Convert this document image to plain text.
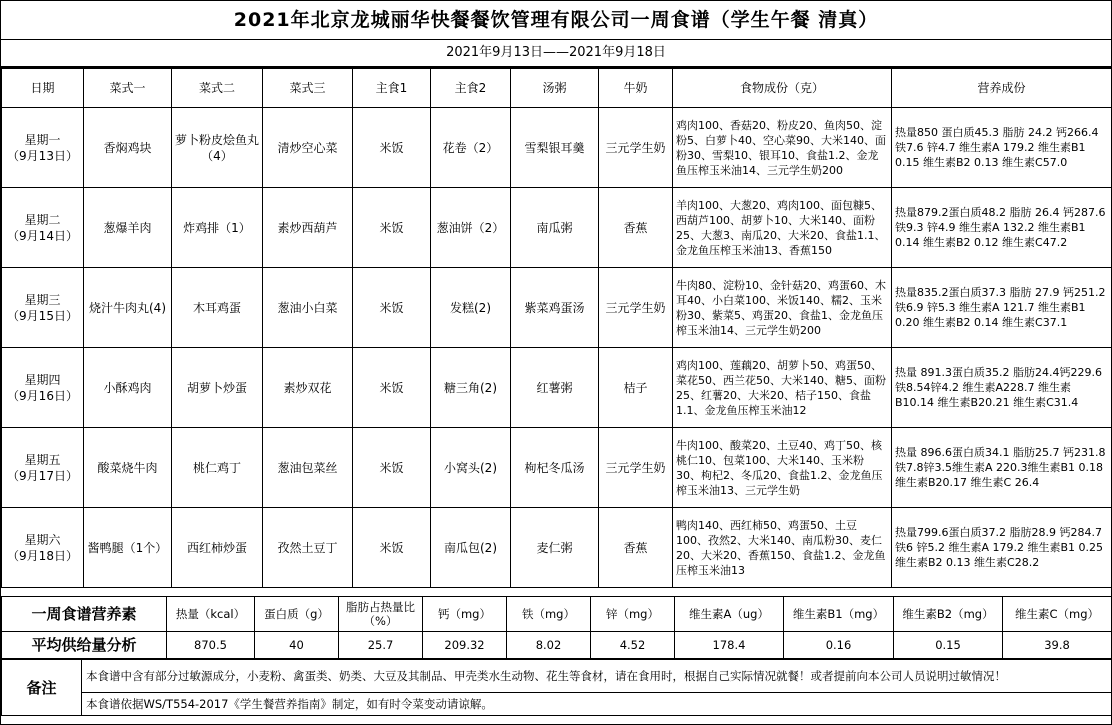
2021年北京龙城丽华快餐餐饮管理有限公司一周食谱（学生午餐 清真）
2021年9月13日——2021年9月18日
日期	菜式一	菜式二	菜式三	主食1	主食2	汤粥	牛奶	食物成份（克）	营养成份
星期一
（9月13日）	香焖鸡块	萝卜粉皮烩鱼丸（4）	清炒空心菜	米饭	花卷（2）	雪梨银耳羹	三元学生奶	鸡肉100、香菇20、粉皮20、鱼肉50、淀粉5、白萝卜40、空心菜90、大米140、面粉30、雪梨10、银耳10、食盐1.2、金龙鱼压榨玉米油14、三元学生奶200	热量850 蛋白质45.3 脂肪 24.2 钙266.4 铁7.6 锌4.7 维生素A 179.2 维生素B1 0.15 维生素B2 0.13 维生素C57.0
星期二
（9月14日）	葱爆羊肉	炸鸡排（1）	素炒西葫芦	米饭	葱油饼（2）	南瓜粥	香蕉	羊肉100、大葱20、鸡肉100、面包糠5、西葫芦100、胡萝卜10、大米140、面粉25、大葱3、南瓜20、大米20、食盐1.1、金龙鱼压榨玉米油13、香蕉150	热量879.2蛋白质48.2 脂肪 26.4 钙287.6 铁9.3 锌4.9 维生素A 132.2 维生素B1 0.14 维生素B2 0.12 维生素C47.2
星期三
（9月15日）	烧汁牛肉丸(4)	木耳鸡蛋	葱油小白菜	米饭	发糕(2)	紫菜鸡蛋汤	三元学生奶	牛肉80、淀粉10、金针菇20、鸡蛋60、木耳40、小白菜100、米饭140、糯2、玉米粉30、紫菜5、鸡蛋20、食盐1、金龙鱼压榨玉米油14、三元学生奶200	热量835.2蛋白质37.3 脂肪 27.9 钙251.2 铁6.9 锌5.3 维生素A 121.7 维生素B1 0.20 维生素B2 0.14 维生素C37.1
星期四
（9月16日）	小酥鸡肉	胡萝卜炒蛋	素炒双花	米饭	糖三角(2)	红薯粥	桔子	鸡肉100、莲藕20、胡萝卜50、鸡蛋50、菜花50、西兰花50、大米140、糖5、面粉25、红薯20、大米20、桔子150、食盐1.1、金龙鱼压榨玉米油12	热量 891.3蛋白质35.2 脂肪24.4钙229.6铁8.54锌4.2 维生素A228.7 维生素B10.14 维生素B20.21 维生素C31.4
星期五
（9月17日）	酸菜烧牛肉	桃仁鸡丁	葱油包菜丝	米饭	小窝头(2)	枸杞冬瓜汤	三元学生奶	牛肉100、酸菜20、土豆40、鸡丁50、核桃仁10、包菜100、大米140、玉米粉30、枸杞2、冬瓜20、食盐1.2、金龙鱼压榨玉米油13、三元学生奶	热量 896.6蛋白质34.1 脂肪25.7 钙231.8铁7.8锌3.5维生素A 220.3维生素B1 0.18维生素B20.17 维生素C 26.4
星期六
（9月18日）	酱鸭腿（1个）	西红柿炒蛋	孜然土豆丁	米饭	南瓜包(2)	麦仁粥	香蕉	鸭肉140、西红柿50、鸡蛋50、土豆100、孜然2、大米140、南瓜粉30、麦仁20、大米20、香蕉150、食盐1.2、金龙鱼压榨玉米油13	热量799.6蛋白质37.2 脂肪28.9 钙284.7 铁6 锌5.2 维生素A 179.2 维生素B1 0.25 维生素B2 0.13 维生素C28.2
一周食谱营养素	热量（kcal）	蛋白质（g）	脂肪占热量比（%）	钙（mg）	铁（mg）	锌（mg）	维生素A（ug）	维生素B1（mg）	维生素B2（mg）	维生素C（mg）
平均供给量分析	870.5	40	25.7	209.32	8.02	4.52	178.4	0.16	0.15	39.8
备注	本食谱中含有部分过敏源成分，小麦粉、禽蛋类、奶类、大豆及其制品、甲壳类水生动物、花生等食材，请在食用时，根据自己实际情况就餐！或者提前向本公司人员说明过敏情况！
本食谱依据WS/T554-2017《学生餐营养指南》制定，如有时令菜变动请谅解。
